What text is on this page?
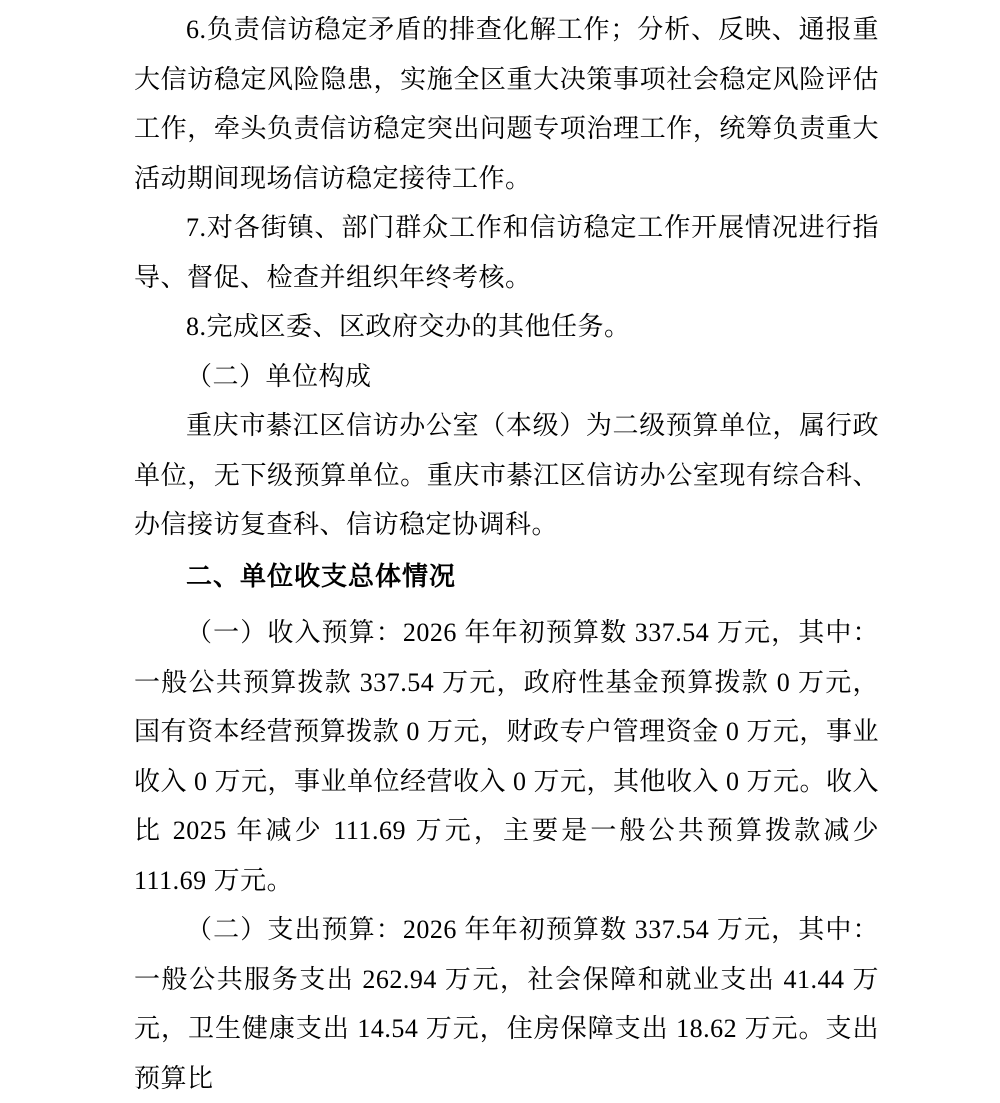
6.负责信访稳定矛盾的排查化解工作；分析、反映、通报重大信访稳定风险隐患，实施全区重大决策事项社会稳定风险评估工作，牵头负责信访稳定突出问题专项治理工作，统筹负责重大活动期间现场信访稳定接待工作。

7.对各街镇、部门群众工作和信访稳定工作开展情况进行指导、督促、检查并组织年终考核。

8.完成区委、区政府交办的其他任务。

（二）单位构成

重庆市綦江区信访办公室（本级）为二级预算单位，属行政单位，无下级预算单位。重庆市綦江区信访办公室现有综合科、办信接访复查科、信访稳定协调科。

二、单位收支总体情况

（一）收入预算：2026 年年初预算数 337.54 万元，其中：一般公共预算拨款 337.54 万元，政府性基金预算拨款 0 万元，国有资本经营预算拨款 0 万元，财政专户管理资金 0 万元，事业收入 0 万元，事业单位经营收入 0 万元，其他收入 0 万元。收入比 2025 年减少 111.69 万元，主要是一般公共预算拨款减少 111.69 万元。

（二）支出预算：2026 年年初预算数 337.54 万元，其中：一般公共服务支出 262.94 万元，社会保障和就业支出 41.44 万元，卫生健康支出 14.54 万元，住房保障支出 18.62 万元。支出预算比
